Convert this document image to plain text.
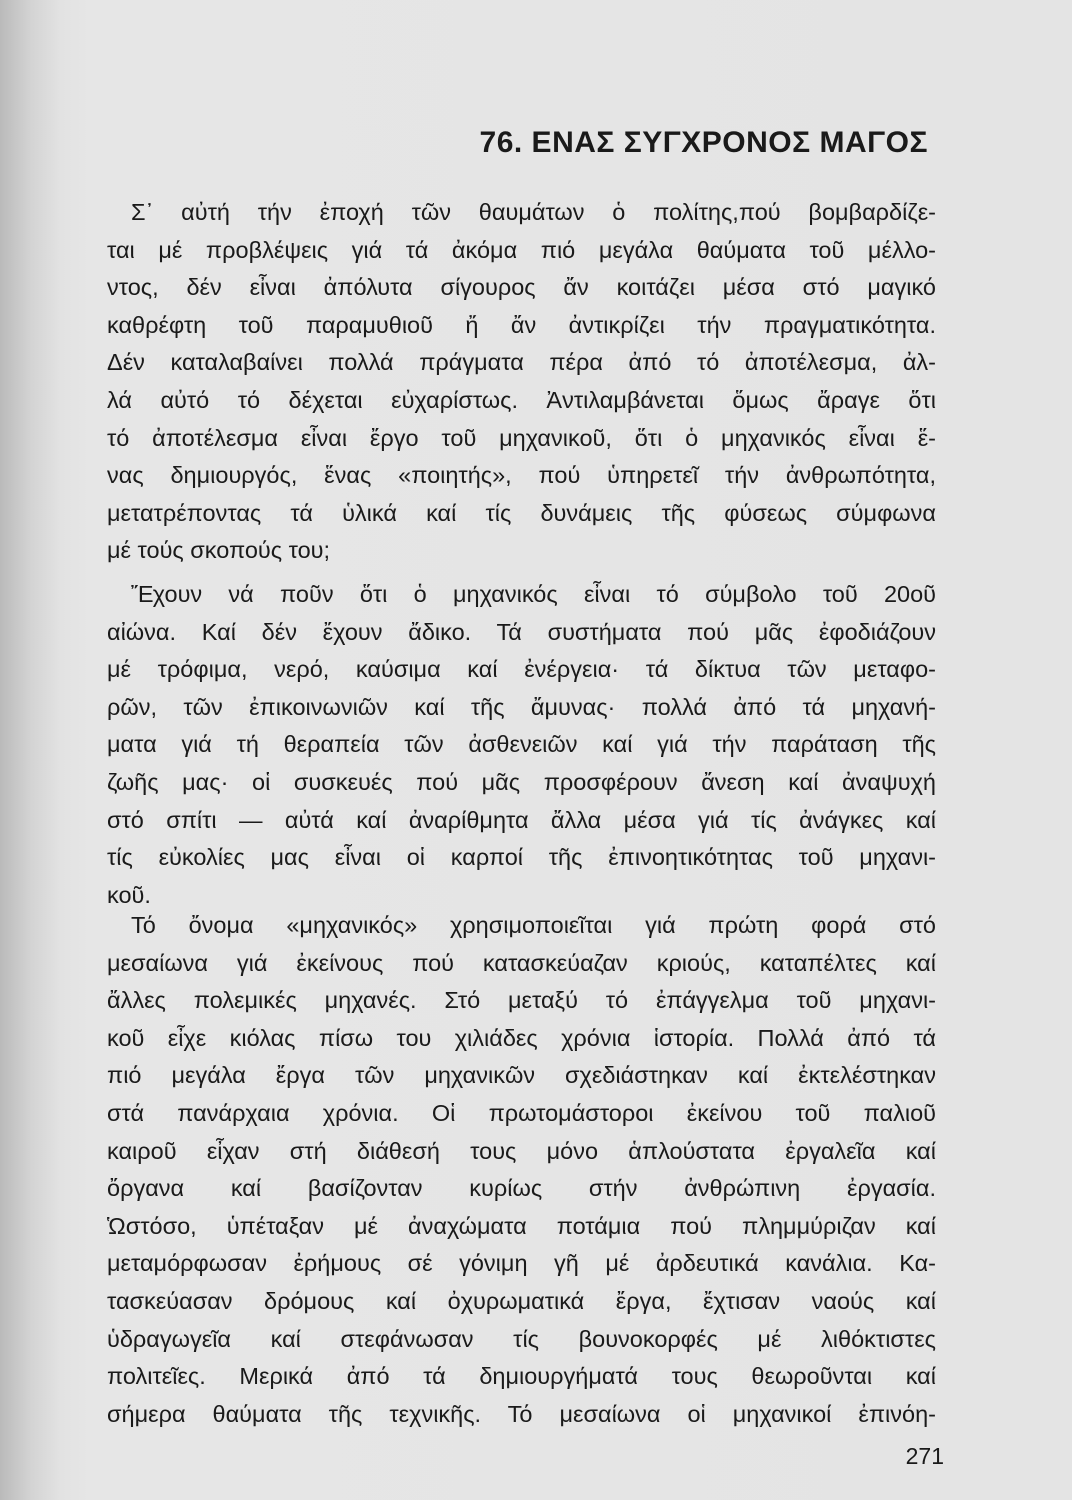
76. ΕΝΑΣ ΣΥΓΧΡΟΝΟΣ ΜΑΓΟΣ
Σ᾽ αὐτή τήν ἐποχή τῶν θαυμάτων ὁ πολίτης,πού βομβαρδίζε-
ται μέ προβλέψεις γιά τά ἀκόμα πιό μεγάλα θαύματα τοῦ μέλλο-
ντος, δέν εἶναι ἀπόλυτα σίγουρος ἄν κοιτάζει μέσα στό μαγικό
καθρέφτη τοῦ παραμυθιοῦ ἤ ἄν ἀντικρίζει τήν πραγματικότητα.
Δέν καταλαβαίνει πολλά πράγματα πέρα ἀπό τό ἀποτέλεσμα, ἀλ-
λά αὐτό τό δέχεται εὐχαρίστως. Ἀντιλαμβάνεται ὅμως ἄραγε ὅτι
τό ἀποτέλεσμα εἶναι ἔργο τοῦ μηχανικοῦ, ὅτι ὁ μηχανικός εἶναι ἕ-
νας δημιουργός, ἕνας «ποιητής», πού ὑπηρετεῖ τήν ἀνθρωπότητα,
μετατρέποντας τά ὑλικά καί τίς δυνάμεις τῆς φύσεως σύμφωνα
μέ τούς σκοπούς του;
Ἔχουν νά ποῦν ὅτι ὁ μηχανικός εἶναι τό σύμβολο τοῦ 20οῦ
αἰώνα. Καί δέν ἔχουν ἄδικο. Τά συστήματα πού μᾶς ἐφοδιάζουν
μέ τρόφιμα, νερό, καύσιμα καί ἐνέργεια· τά δίκτυα τῶν μεταφο-
ρῶν, τῶν ἐπικοινωνιῶν καί τῆς ἄμυνας· πολλά ἀπό τά μηχανή-
ματα γιά τή θεραπεία τῶν ἀσθενειῶν καί γιά τήν παράταση τῆς
ζωῆς μας· οἱ συσκευές πού μᾶς προσφέρουν ἄνεση καί ἀναψυχή
στό σπίτι — αὐτά καί ἀναρίθμητα ἄλλα μέσα γιά τίς ἀνάγκες καί
τίς εὐκολίες μας εἶναι οἱ καρποί τῆς ἐπινοητικότητας τοῦ μηχανι-
κοῦ.
Τό ὄνομα «μηχανικός» χρησιμοποιεῖται γιά πρώτη φορά στό
μεσαίωνα γιά ἐκείνους πού κατασκεύαζαν κριούς, καταπέλτες καί
ἄλλες πολεμικές μηχανές. Στό μεταξύ τό ἐπάγγελμα τοῦ μηχανι-
κοῦ εἶχε κιόλας πίσω του χιλιάδες χρόνια ἱστορία. Πολλά ἀπό τά
πιό μεγάλα ἔργα τῶν μηχανικῶν σχεδιάστηκαν καί ἐκτελέστηκαν
στά πανάρχαια χρόνια. Οἱ πρωτομάστοροι ἐκείνου τοῦ παλιοῦ
καιροῦ εἶχαν στή διάθεσή τους μόνο ἁπλούστατα ἐργαλεῖα καί
ὄργανα καί βασίζονταν κυρίως στήν ἀνθρώπινη ἐργασία.
Ὡστόσο, ὑπέταξαν μέ ἀναχώματα ποτάμια πού πλημμύριζαν καί
μεταμόρφωσαν ἐρήμους σέ γόνιμη γῆ μέ ἀρδευτικά κανάλια. Κα-
τασκεύασαν δρόμους καί ὀχυρωματικά ἔργα, ἔχτισαν ναούς καί
ὑδραγωγεῖα καί στεφάνωσαν τίς βουνοκορφές μέ λιθόκτιστες
πολιτεῖες. Μερικά ἀπό τά δημιουργήματά τους θεωροῦνται καί
σήμερα θαύματα τῆς τεχνικῆς. Τό μεσαίωνα οἱ μηχανικοί ἐπινόη-
271
